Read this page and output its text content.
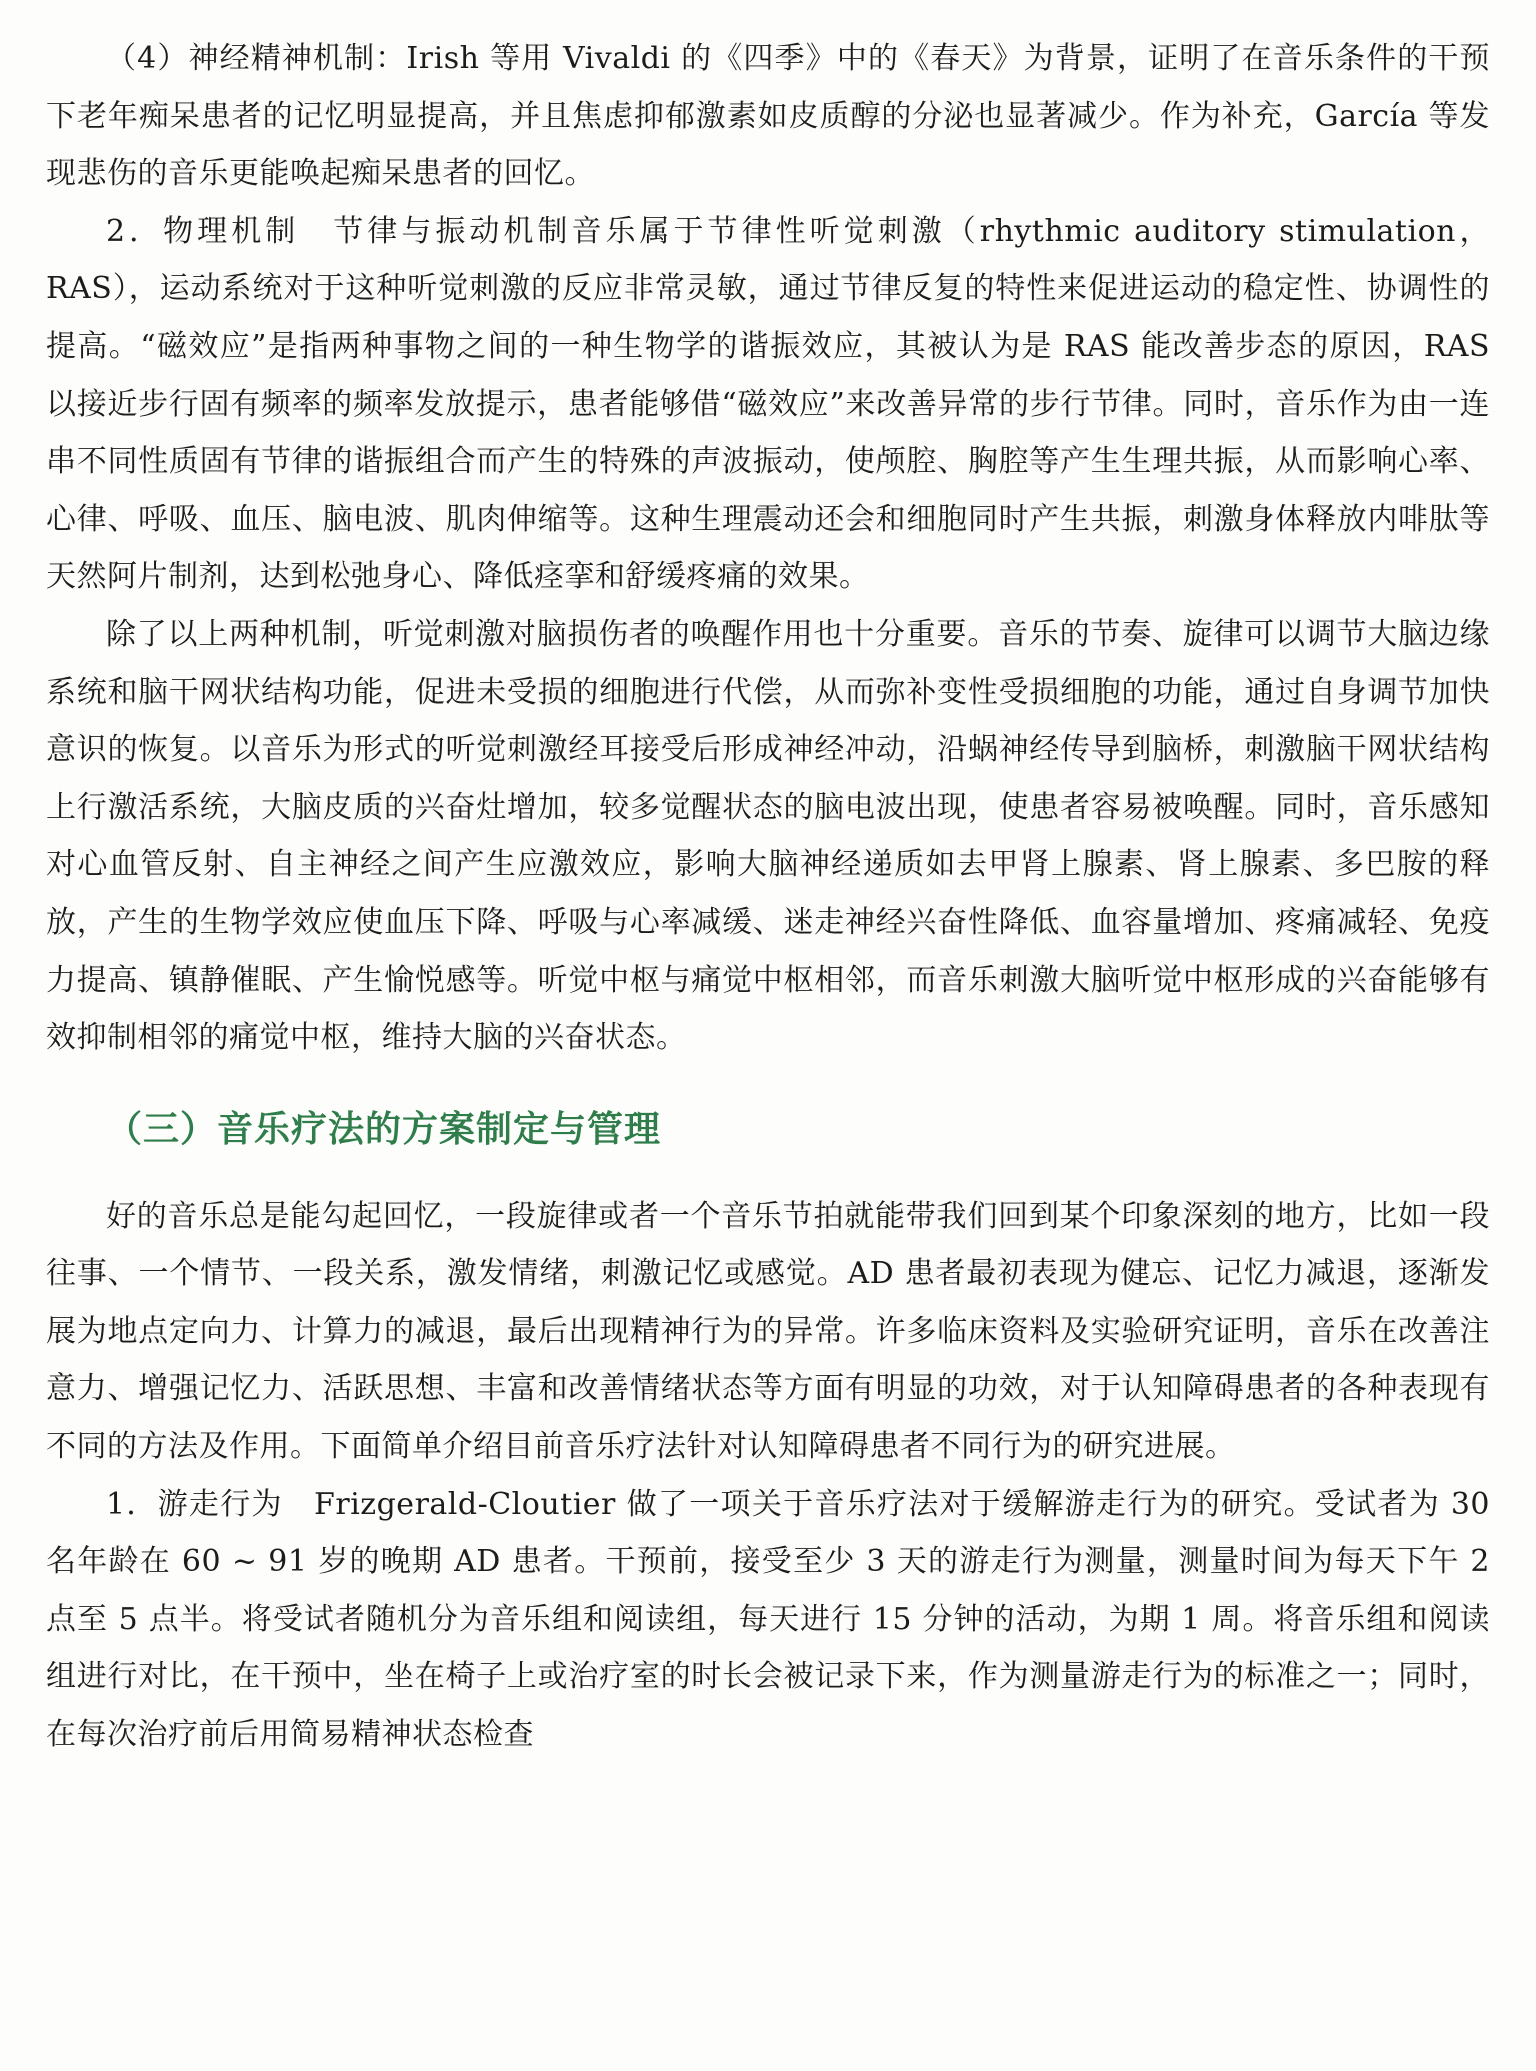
（4）神经精神机制：Irish 等用 Vivaldi 的《四季》中的《春天》为背景，证明了在音乐条件的干预下老年痴呆患者的记忆明显提高，并且焦虑抑郁激素如皮质醇的分泌也显著减少。作为补充，García 等发现悲伤的音乐更能唤起痴呆患者的回忆。

2．物理机制　节律与振动机制音乐属于节律性听觉刺激（rhythmic auditory stimulation，RAS），运动系统对于这种听觉刺激的反应非常灵敏，通过节律反复的特性来促进运动的稳定性、协调性的提高。“磁效应”是指两种事物之间的一种生物学的谐振效应，其被认为是 RAS 能改善步态的原因，RAS 以接近步行固有频率的频率发放提示，患者能够借“磁效应”来改善异常的步行节律。同时，音乐作为由一连串不同性质固有节律的谐振组合而产生的特殊的声波振动，使颅腔、胸腔等产生生理共振，从而影响心率、心律、呼吸、血压、脑电波、肌肉伸缩等。这种生理震动还会和细胞同时产生共振，刺激身体释放内啡肽等天然阿片制剂，达到松弛身心、降低痉挛和舒缓疼痛的效果。

除了以上两种机制，听觉刺激对脑损伤者的唤醒作用也十分重要。音乐的节奏、旋律可以调节大脑边缘系统和脑干网状结构功能，促进未受损的细胞进行代偿，从而弥补变性受损细胞的功能，通过自身调节加快意识的恢复。以音乐为形式的听觉刺激经耳接受后形成神经冲动，沿蜗神经传导到脑桥，刺激脑干网状结构上行激活系统，大脑皮质的兴奋灶增加，较多觉醒状态的脑电波出现，使患者容易被唤醒。同时，音乐感知对心血管反射、自主神经之间产生应激效应，影响大脑神经递质如去甲肾上腺素、肾上腺素、多巴胺的释放，产生的生物学效应使血压下降、呼吸与心率减缓、迷走神经兴奋性降低、血容量增加、疼痛减轻、免疫力提高、镇静催眠、产生愉悦感等。听觉中枢与痛觉中枢相邻，而音乐刺激大脑听觉中枢形成的兴奋能够有效抑制相邻的痛觉中枢，维持大脑的兴奋状态。

（三）音乐疗法的方案制定与管理

好的音乐总是能勾起回忆，一段旋律或者一个音乐节拍就能带我们回到某个印象深刻的地方，比如一段往事、一个情节、一段关系，激发情绪，刺激记忆或感觉。AD 患者最初表现为健忘、记忆力减退，逐渐发展为地点定向力、计算力的减退，最后出现精神行为的异常。许多临床资料及实验研究证明，音乐在改善注意力、增强记忆力、活跃思想、丰富和改善情绪状态等方面有明显的功效，对于认知障碍患者的各种表现有不同的方法及作用。下面简单介绍目前音乐疗法针对认知障碍患者不同行为的研究进展。

1．游走行为　Frizgerald-Cloutier 做了一项关于音乐疗法对于缓解游走行为的研究。受试者为 30 名年龄在 60 ~ 91 岁的晚期 AD 患者。干预前，接受至少 3 天的游走行为测量，测量时间为每天下午 2 点至 5 点半。将受试者随机分为音乐组和阅读组，每天进行 15 分钟的活动，为期 1 周。将音乐组和阅读组进行对比，在干预中，坐在椅子上或治疗室的时长会被记录下来，作为测量游走行为的标准之一；同时，在每次治疗前后用简易精神状态检查
